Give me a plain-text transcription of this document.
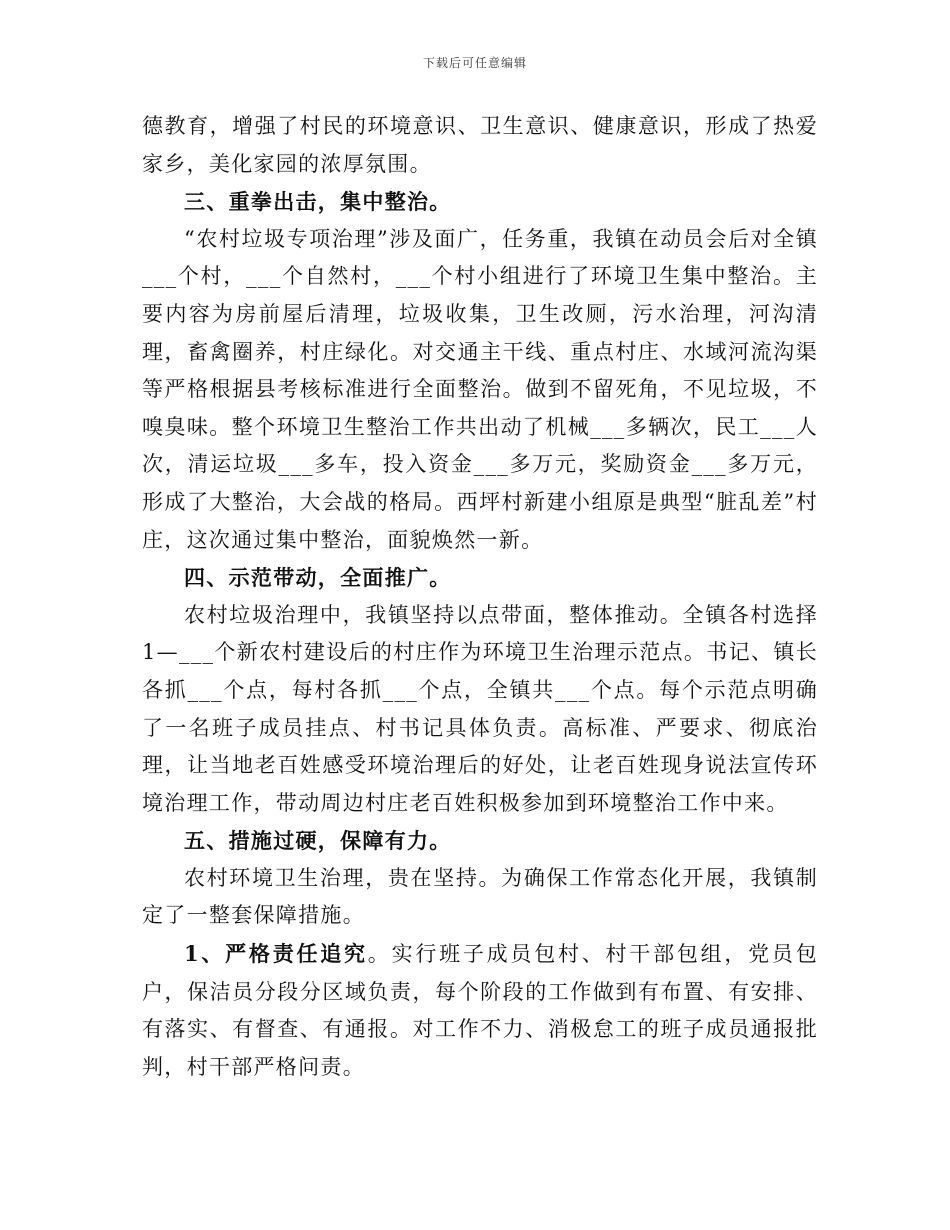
下载后可任意编辑

德教育，增强了村民的环境意识、卫生意识、健康意识，形成了热爱家乡，美化家园的浓厚氛围。

三、重拳出击，集中整治。

“农村垃圾专项治理”涉及面广，任务重，我镇在动员会后对全镇___个村，___个自然村，___个村小组进行了环境卫生集中整治。主要内容为房前屋后清理，垃圾收集，卫生改厕，污水治理，河沟清理，畜禽圈养，村庄绿化。对交通主干线、重点村庄、水域河流沟渠等严格根据县考核标准进行全面整治。做到不留死角，不见垃圾，不嗅臭味。整个环境卫生整治工作共出动了机械___多辆次，民工___人次，清运垃圾___多车，投入资金___多万元，奖励资金___多万元，形成了大整治，大会战的格局。西坪村新建小组原是典型“脏乱差”村庄，这次通过集中整治，面貌焕然一新。

四、示范带动，全面推广。

农村垃圾治理中，我镇坚持以点带面，整体推动。全镇各村选择1—___个新农村建设后的村庄作为环境卫生治理示范点。书记、镇长各抓___个点，每村各抓___个点，全镇共___个点。每个示范点明确了一名班子成员挂点、村书记具体负责。高标准、严要求、彻底治理，让当地老百姓感受环境治理后的好处，让老百姓现身说法宣传环境治理工作，带动周边村庄老百姓积极参加到环境整治工作中来。

五、措施过硬，保障有力。

农村环境卫生治理，贵在坚持。为确保工作常态化开展，我镇制定了一整套保障措施。

1、严格责任追究。实行班子成员包村、村干部包组，党员包户，保洁员分段分区域负责，每个阶段的工作做到有布置、有安排、有落实、有督查、有通报。对工作不力、消极怠工的班子成员通报批判，村干部严格问责。
